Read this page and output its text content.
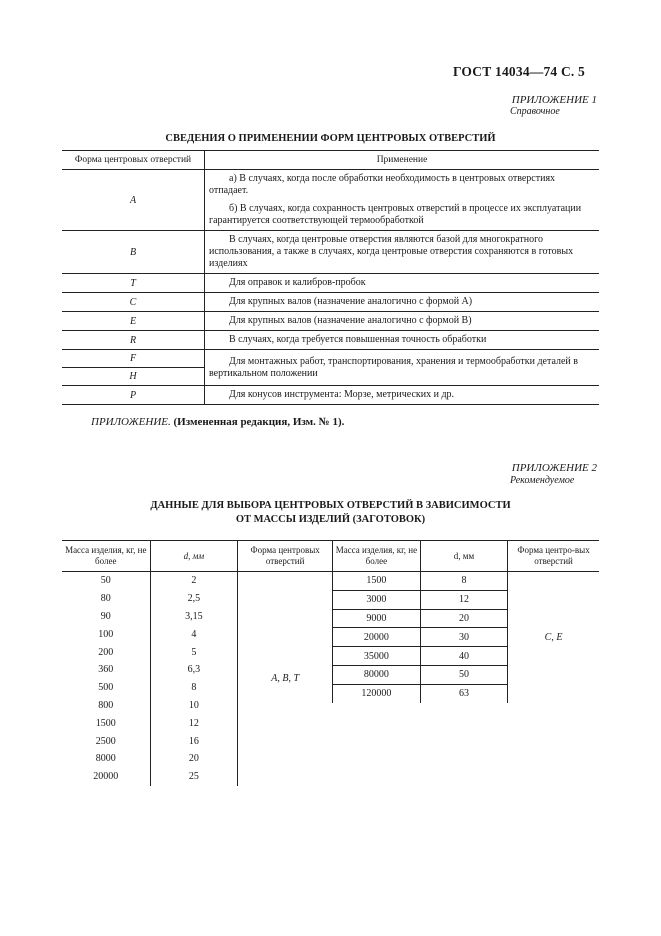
ГОСТ 14034—74 С. 5
ПРИЛОЖЕНИЕ 1
Справочное
СВЕДЕНИЯ О ПРИМЕНЕНИИ ФОРМ ЦЕНТРОВЫХ ОТВЕРСТИЙ
Форма центровых отверстий	Применение
A	а) В случаях, когда после обработки необходимость в центровых отверстиях отпадает.

б) В случаях, когда сохранность центровых отверстий в процессе их эксплуатации гарантируется соответствующей термообработкой

B	В случаях, когда центровые отверстия являются базой для многократного использования, а также в случаях, когда центровые отверстия сохраняются в готовых изделиях

T	Для оправок и калибров-пробок

C	Для крупных валов (назначение аналогично с формой А)

E	Для крупных валов (назначение аналогично с формой В)

R	В случаях, когда требуется повышенная точность обработки

F	Для монтажных работ, транспортирования, хранения и термообработки деталей в вертикальном положении

H	
P	Для конусов инструмента: Морзе, метрических и др.

ПРИЛОЖЕНИЕ. (Измененная редакция, Изм. № 1).
ПРИЛОЖЕНИЕ 2
Рекомендуемое
ДАННЫЕ ДЛЯ ВЫБОРА ЦЕНТРОВЫХ ОТВЕРСТИЙ В ЗАВИСИМОСТИ
ОТ МАССЫ ИЗДЕЛИЙ (ЗАГОТОВОК)
Масса изделия, кг, не более	d, мм	Форма центровых отверстий
50	2	A, B, T
80	2,5	
90	3,15	
100	4	
200	5	
360	6,3	
500	8	
800	10	
1500	12	
2500	16	
8000	20	
20000	25	
Масса изделия, кг, не более	d, мм	Форма центро-вых отверстий
1500	8	C, E
3000	12	
9000	20	
20000	30	
35000	40	
80000	50	
120000	63	
